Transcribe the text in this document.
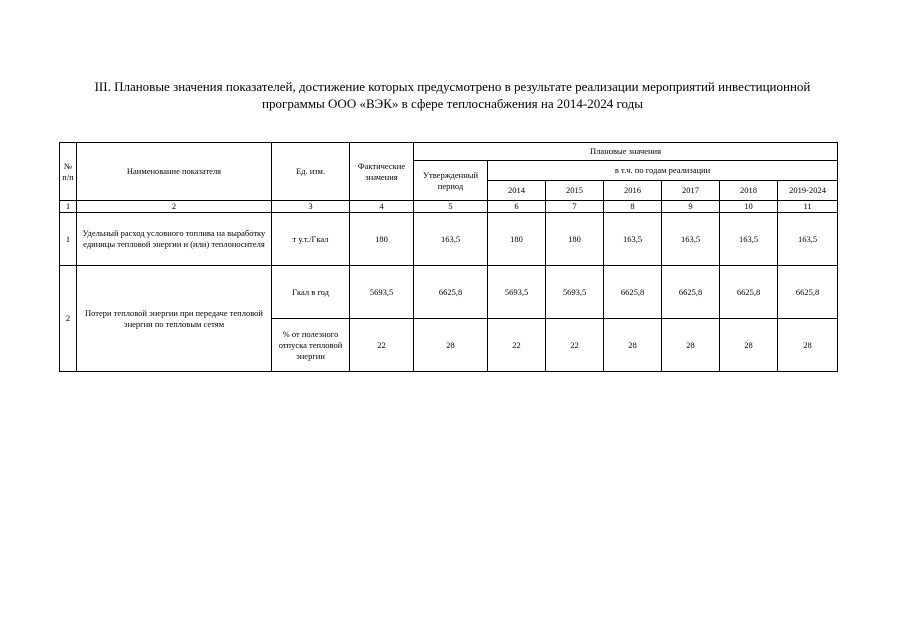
III. Плановые значения показателей, достижение которых предусмотрено в результате реализации мероприятий инвестиционной
программы ООО «ВЭК» в сфере теплоснабжения на 2014-2024 годы
№ п/п	Наименование показателя	Ед. изм.	Фактические значения	Плановые значения						
				Утвержденный период	в т.ч. по годам реализации					
					2014	2015	2016	2017	2018	2019-2024
1	2	3	4	5	6	7	8	9	10	11
1	Удельный расход условного топлива на выработку единицы тепловой энергии и (или) теплоносителя	т у.т./Гкал	180	163,5	180	180	163,5	163,5	163,5	163,5
2	Потери тепловой энергии при передаче тепловой энергии по тепловым сетям	Гкал в год	5693,5	6625,8	5693,5	5693,5	6625,8	6625,8	6625,8	6625,8
		% от полезного отпуска тепловой энергии	22	28	22	22	28	28	28	28
